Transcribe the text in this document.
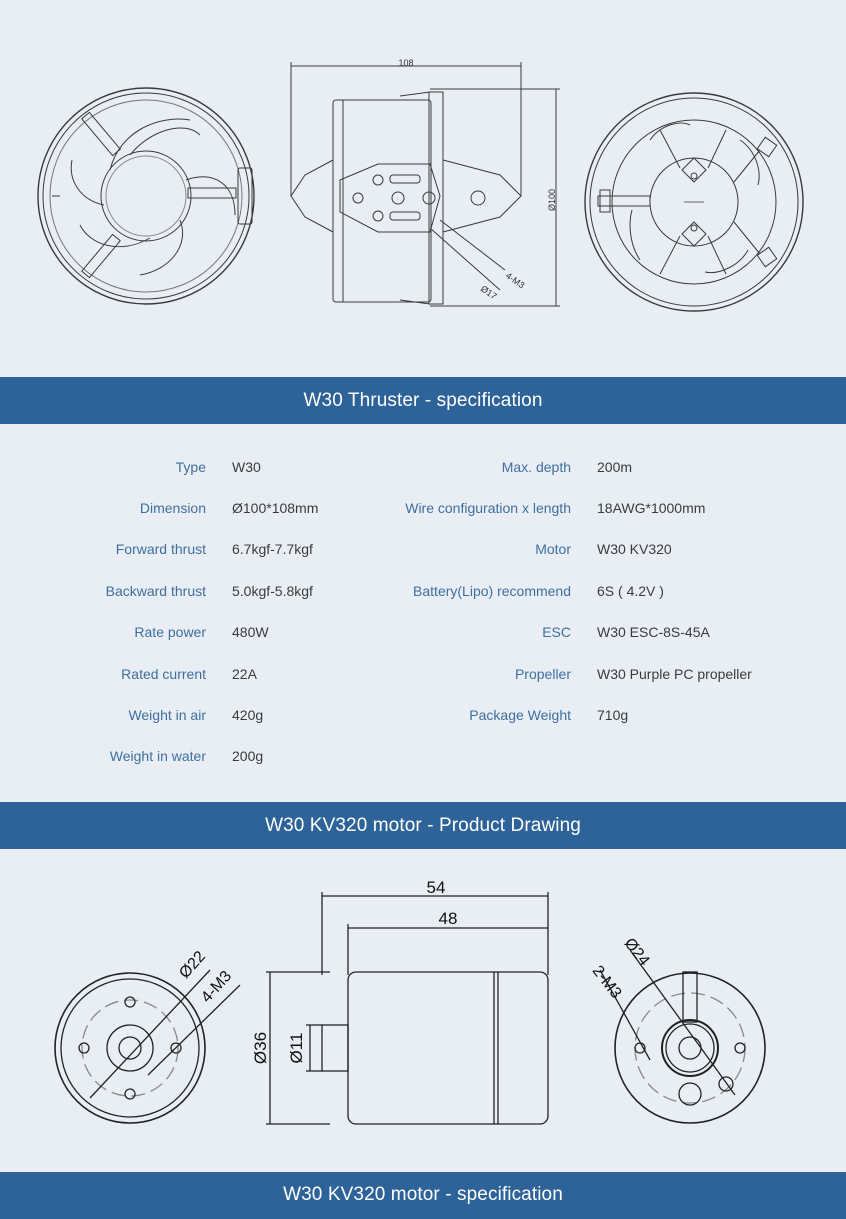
108
Ø100
4-M3
Ø17
W30 Thruster - specification
Type W30	Max. depth 200m
Dimension Ø100*108mm	Wire configuration x length 18AWG*1000mm
Forward thrust 6.7kgf-7.7kgf	Motor W30 KV320
Backward thrust 5.0kgf-5.8kgf	Battery(Lipo) recommend 6S ( 4.2V )
Rate power 480W	ESC W30 ESC-8S-45A
Rated current 22A	Propeller W30 Purple PC propeller
Weight in air 420g	Package Weight 710g
Weight in water 200g
W30 KV320 motor - Product Drawing
54
48
Ø36 Ø11
Ø22
4-M3
Ø24
2-M3
W30 KV320 motor - specification
